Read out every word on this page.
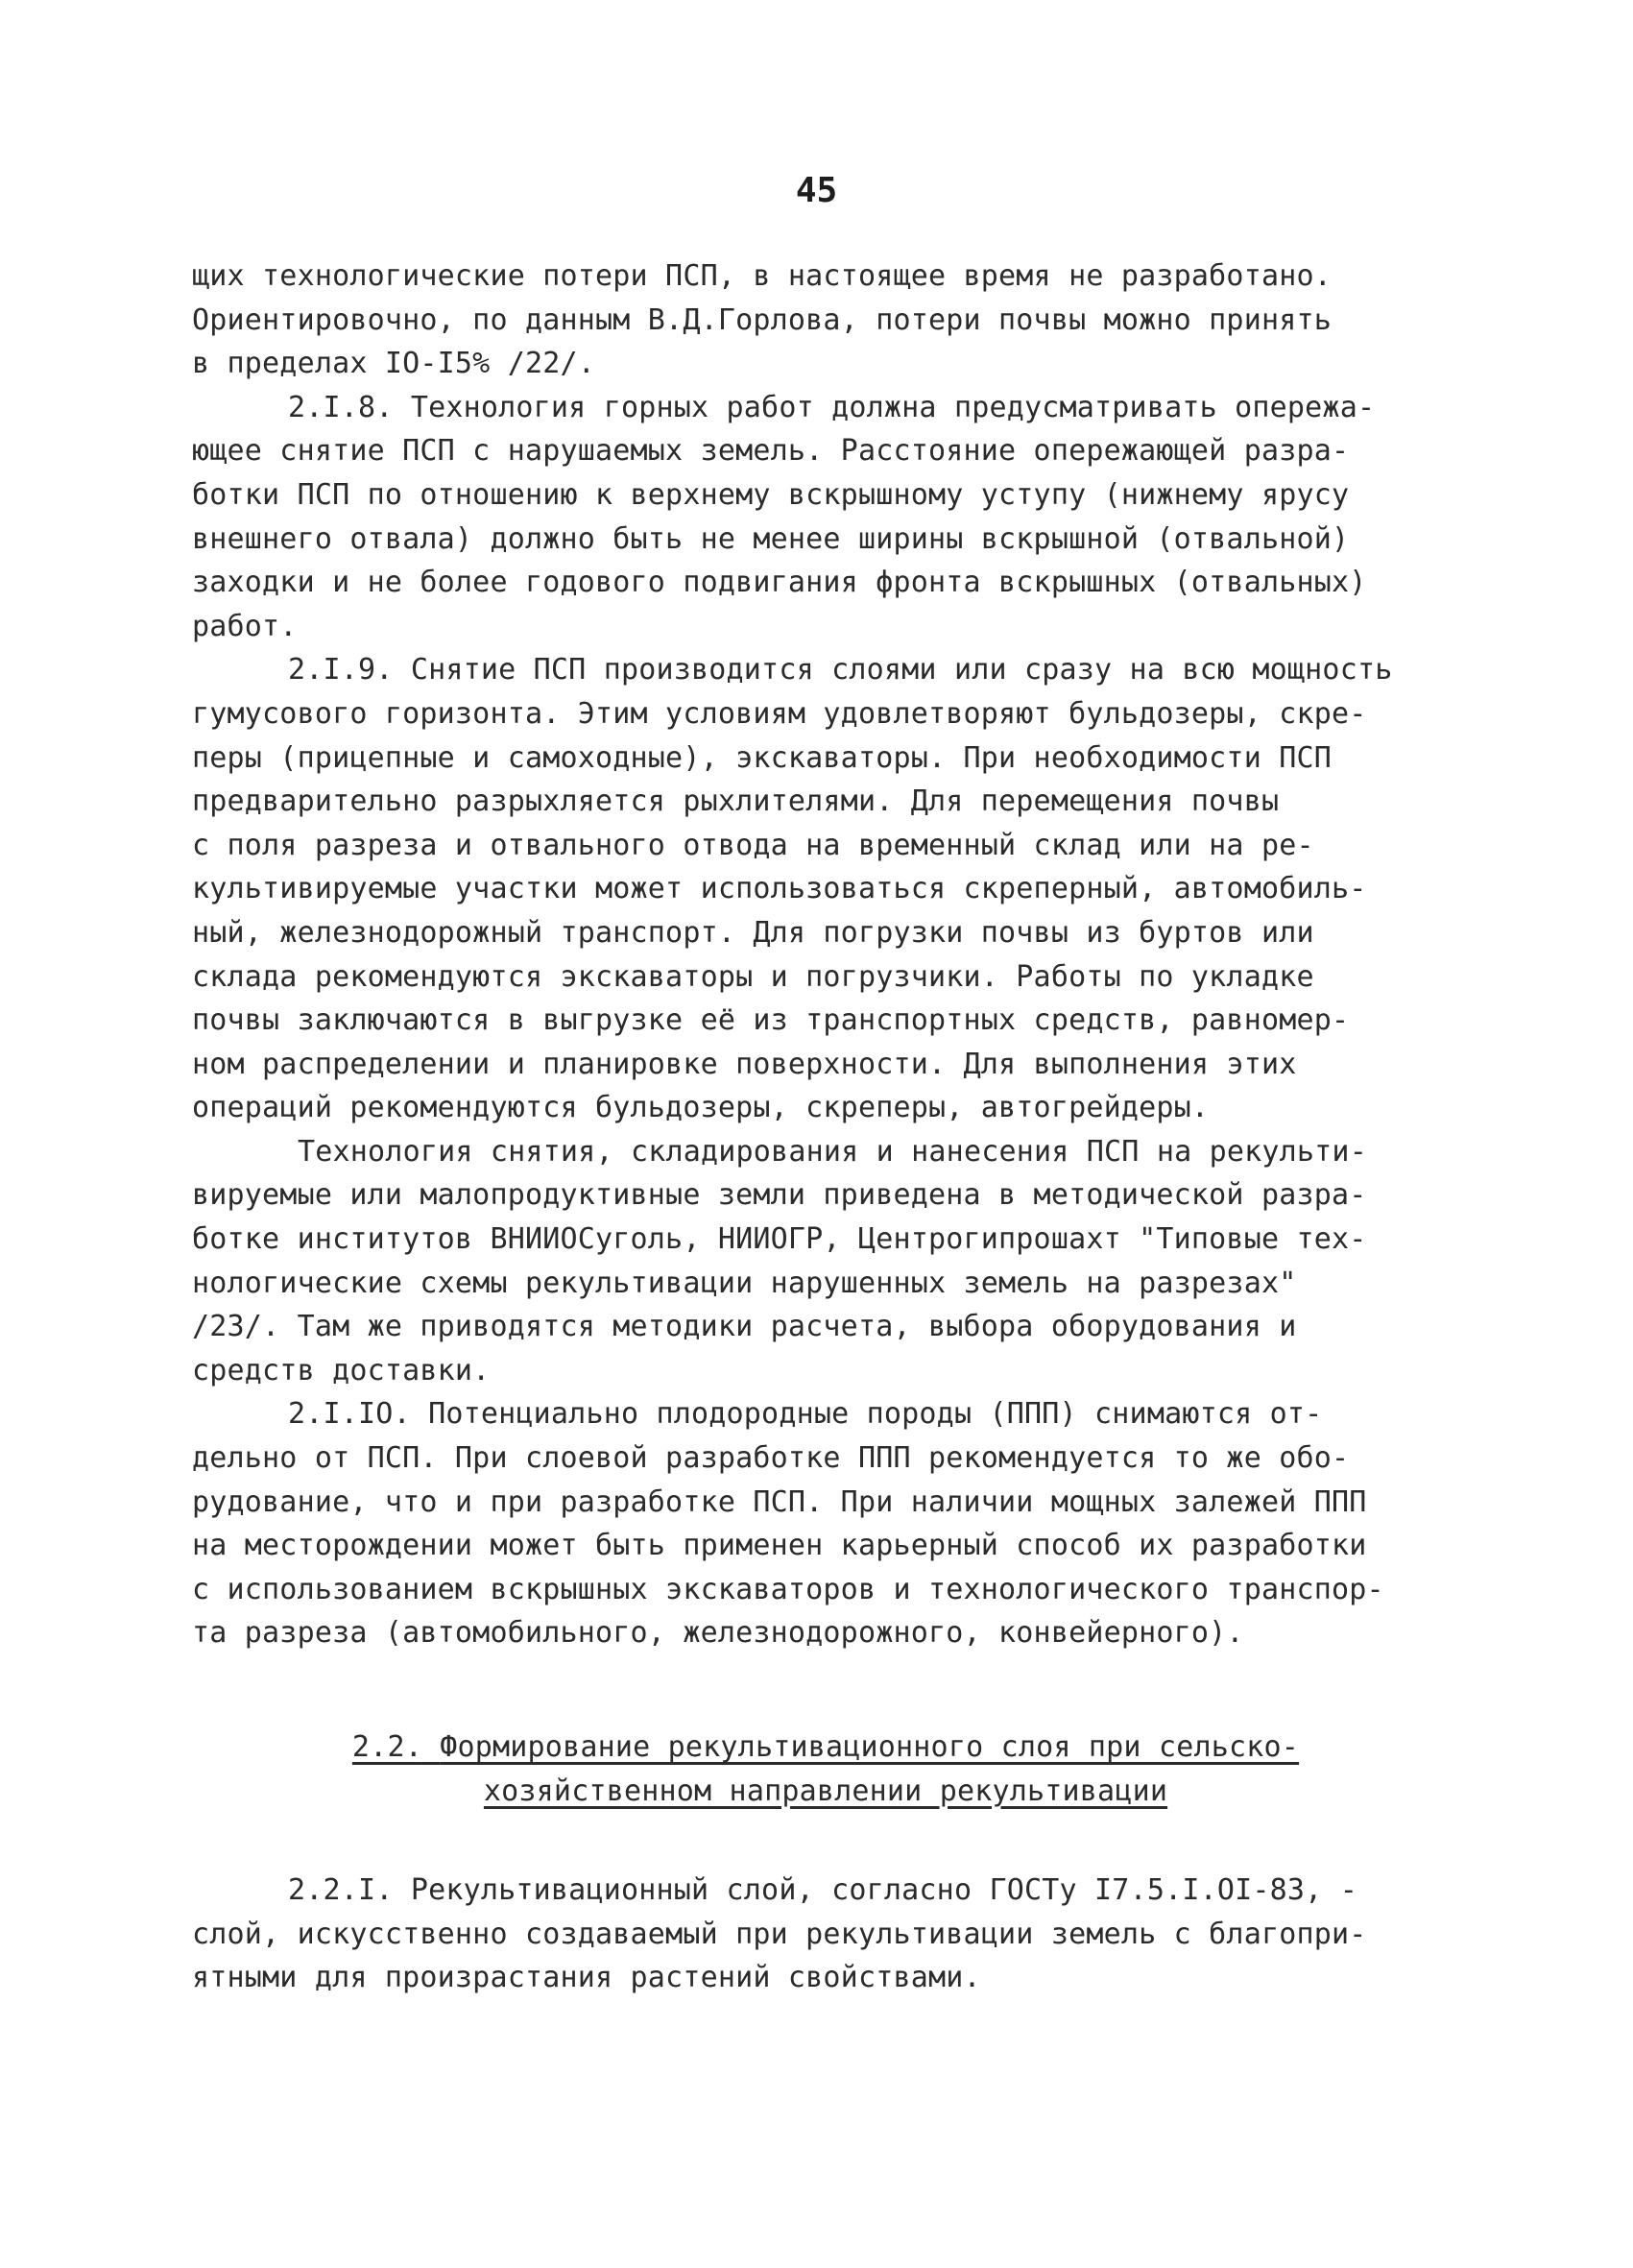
45

щих технологические потери ПСП, в настоящее время не разработано.
Ориентировочно, по данным В.Д.Горлова, потери почвы можно принять
в пределах IO-I5% /22/.

2.I.8. Технология горных работ должна предусматривать опережа-
ющее снятие ПСП с нарушаемых земель. Расстояние опережающей разра-
ботки ПСП по отношению к верхнему вскрышному уступу (нижнему ярусу
внешнего отвала) должно быть не менее ширины вскрышной (отвальной)
заходки и не более годового подвигания фронта вскрышных (отвальных)
работ.

2.I.9. Снятие ПСП производится слоями или сразу на всю мощность
гумусового горизонта. Этим условиям удовлетворяют бульдозеры, скре-
перы (прицепные и самоходные), экскаваторы. При необходимости ПСП
предварительно разрыхляется рыхлителями. Для перемещения почвы
с поля разреза и отвального отвода на временный склад или на ре-
культивируемые участки может использоваться скреперный, автомобиль-
ный, железнодорожный транспорт. Для погрузки почвы из буртов или
склада рекомендуются экскаваторы и погрузчики. Работы по укладке
почвы заключаются в выгрузке её из транспортных средств, равномер-
ном распределении и планировке поверхности. Для выполнения этих
операций рекомендуются бульдозеры, скреперы, автогрейдеры.

Технология снятия, складирования и нанесения ПСП на рекульти-
вируемые или малопродуктивные земли приведена в методической разра-
ботке институтов ВНИИОСуголь, НИИОГР, Центрогипрошахт "Типовые тех-
нологические схемы рекультивации нарушенных земель на разрезах"
/23/. Там же приводятся методики расчета, выбора оборудования и
средств доставки.

2.I.IO. Потенциально плодородные породы (ППП) снимаются от-
дельно от ПСП. При слоевой разработке ППП рекомендуется то же обо-
рудование, что и при разработке ПСП. При наличии мощных залежей ППП
на месторождении может быть применен карьерный способ их разработки
с использованием вскрышных экскаваторов и технологического транспор-
та разреза (автомобильного, железнодорожного, конвейерного).

2.2. Формирование рекультивационного слоя при сельско-
хозяйственном направлении рекультивации

2.2.I. Рекультивационный слой, согласно ГОСТу I7.5.I.OI-83, -
слой, искусственно создаваемый при рекультивации земель с благопри-
ятными для произрастания растений свойствами.
